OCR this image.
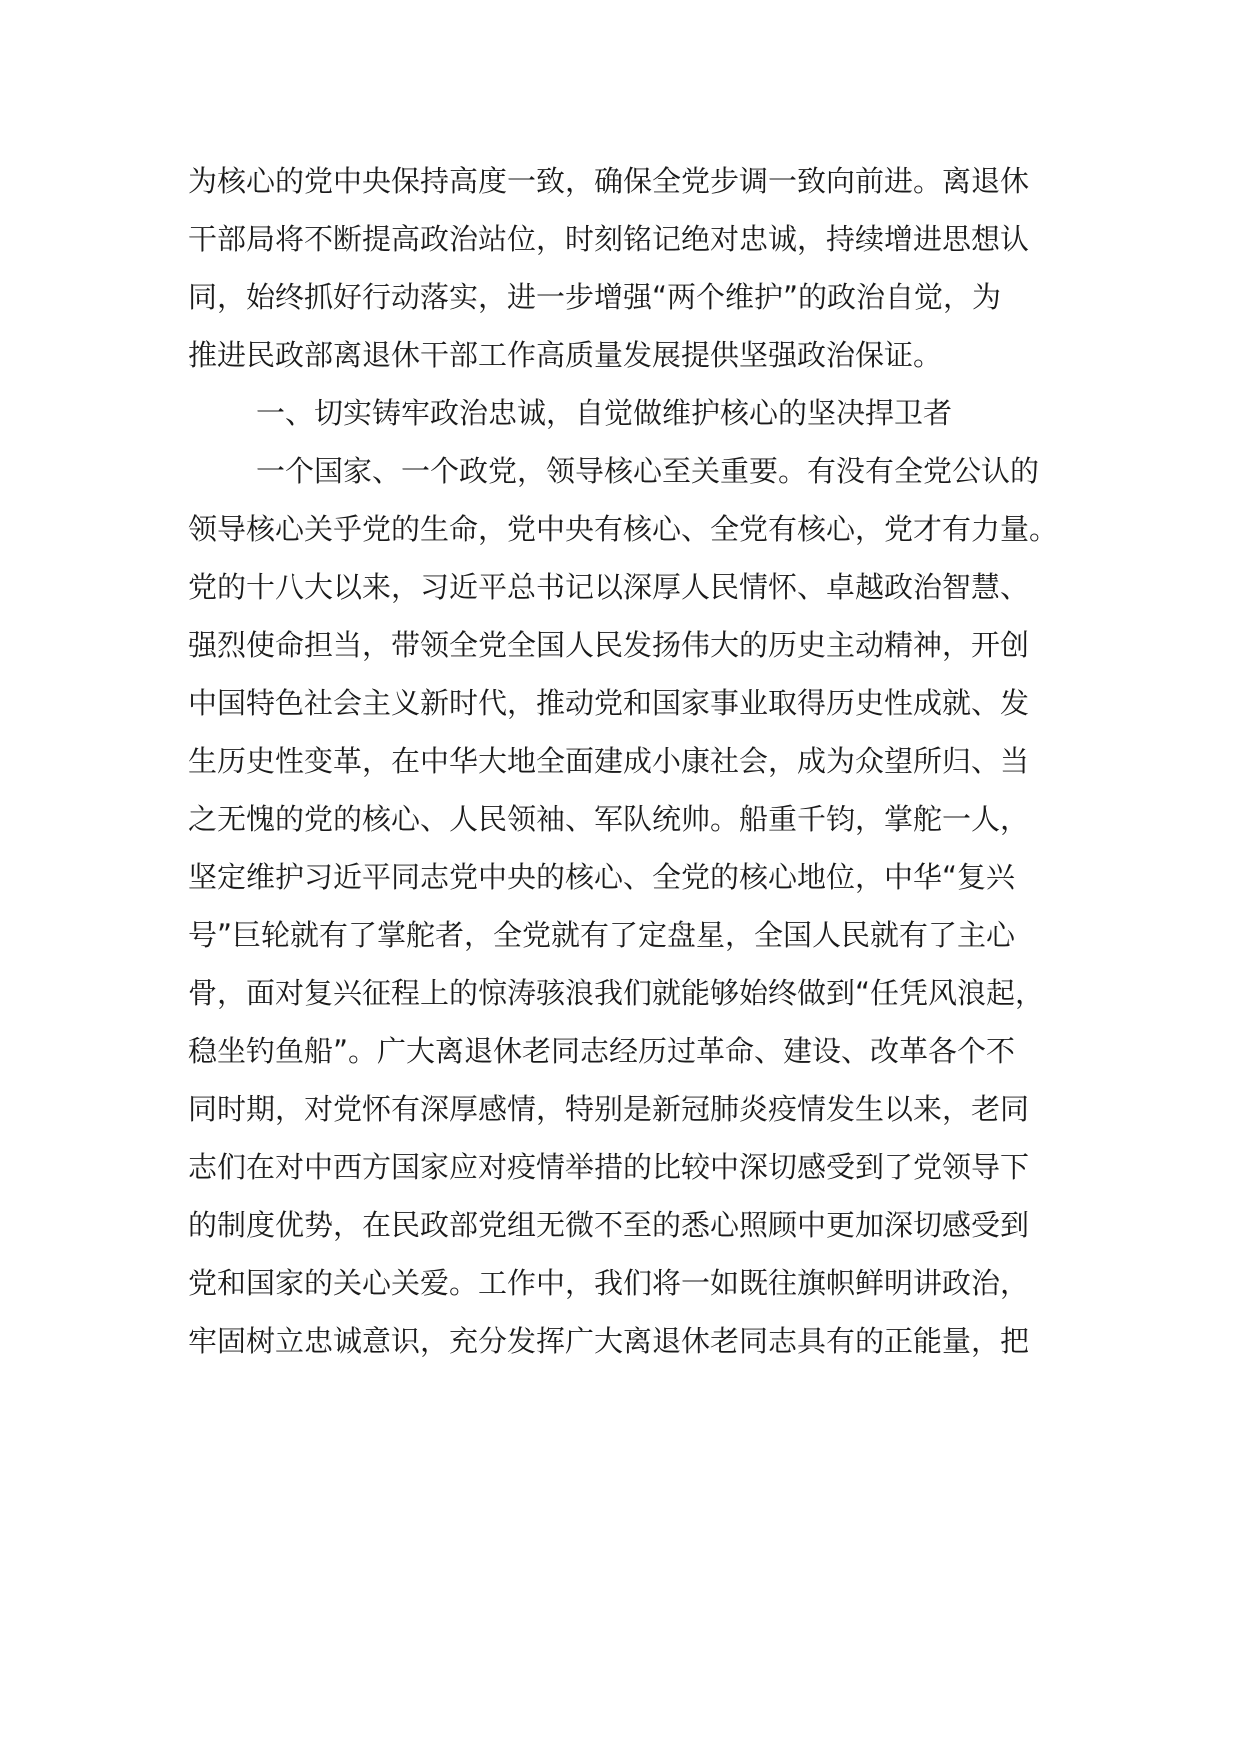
为核心的党中央保持高度一致，确保全党步调一致向前进。离退休
干部局将不断提高政治站位，时刻铭记绝对忠诚，持续增进思想认
同，始终抓好行动落实，进一步增强“两个维护”的政治自觉，为
推进民政部离退休干部工作高质量发展提供坚强政治保证。
一、切实铸牢政治忠诚，自觉做维护核心的坚决捍卫者
一个国家、一个政党，领导核心至关重要。有没有全党公认的
领导核心关乎党的生命，党中央有核心、全党有核心，党才有力量。
党的十八大以来，习近平总书记以深厚人民情怀、卓越政治智慧、
强烈使命担当，带领全党全国人民发扬伟大的历史主动精神，开创
中国特色社会主义新时代，推动党和国家事业取得历史性成就、发
生历史性变革，在中华大地全面建成小康社会，成为众望所归、当
之无愧的党的核心、人民领袖、军队统帅。船重千钧，掌舵一人，
坚定维护习近平同志党中央的核心、全党的核心地位，中华“复兴
号”巨轮就有了掌舵者，全党就有了定盘星，全国人民就有了主心
骨，面对复兴征程上的惊涛骇浪我们就能够始终做到“任凭风浪起，
稳坐钓鱼船”。广大离退休老同志经历过革命、建设、改革各个不
同时期，对党怀有深厚感情，特别是新冠肺炎疫情发生以来，老同
志们在对中西方国家应对疫情举措的比较中深切感受到了党领导下
的制度优势，在民政部党组无微不至的悉心照顾中更加深切感受到
党和国家的关心关爱。工作中，我们将一如既往旗帜鲜明讲政治，
牢固树立忠诚意识，充分发挥广大离退休老同志具有的正能量，把
